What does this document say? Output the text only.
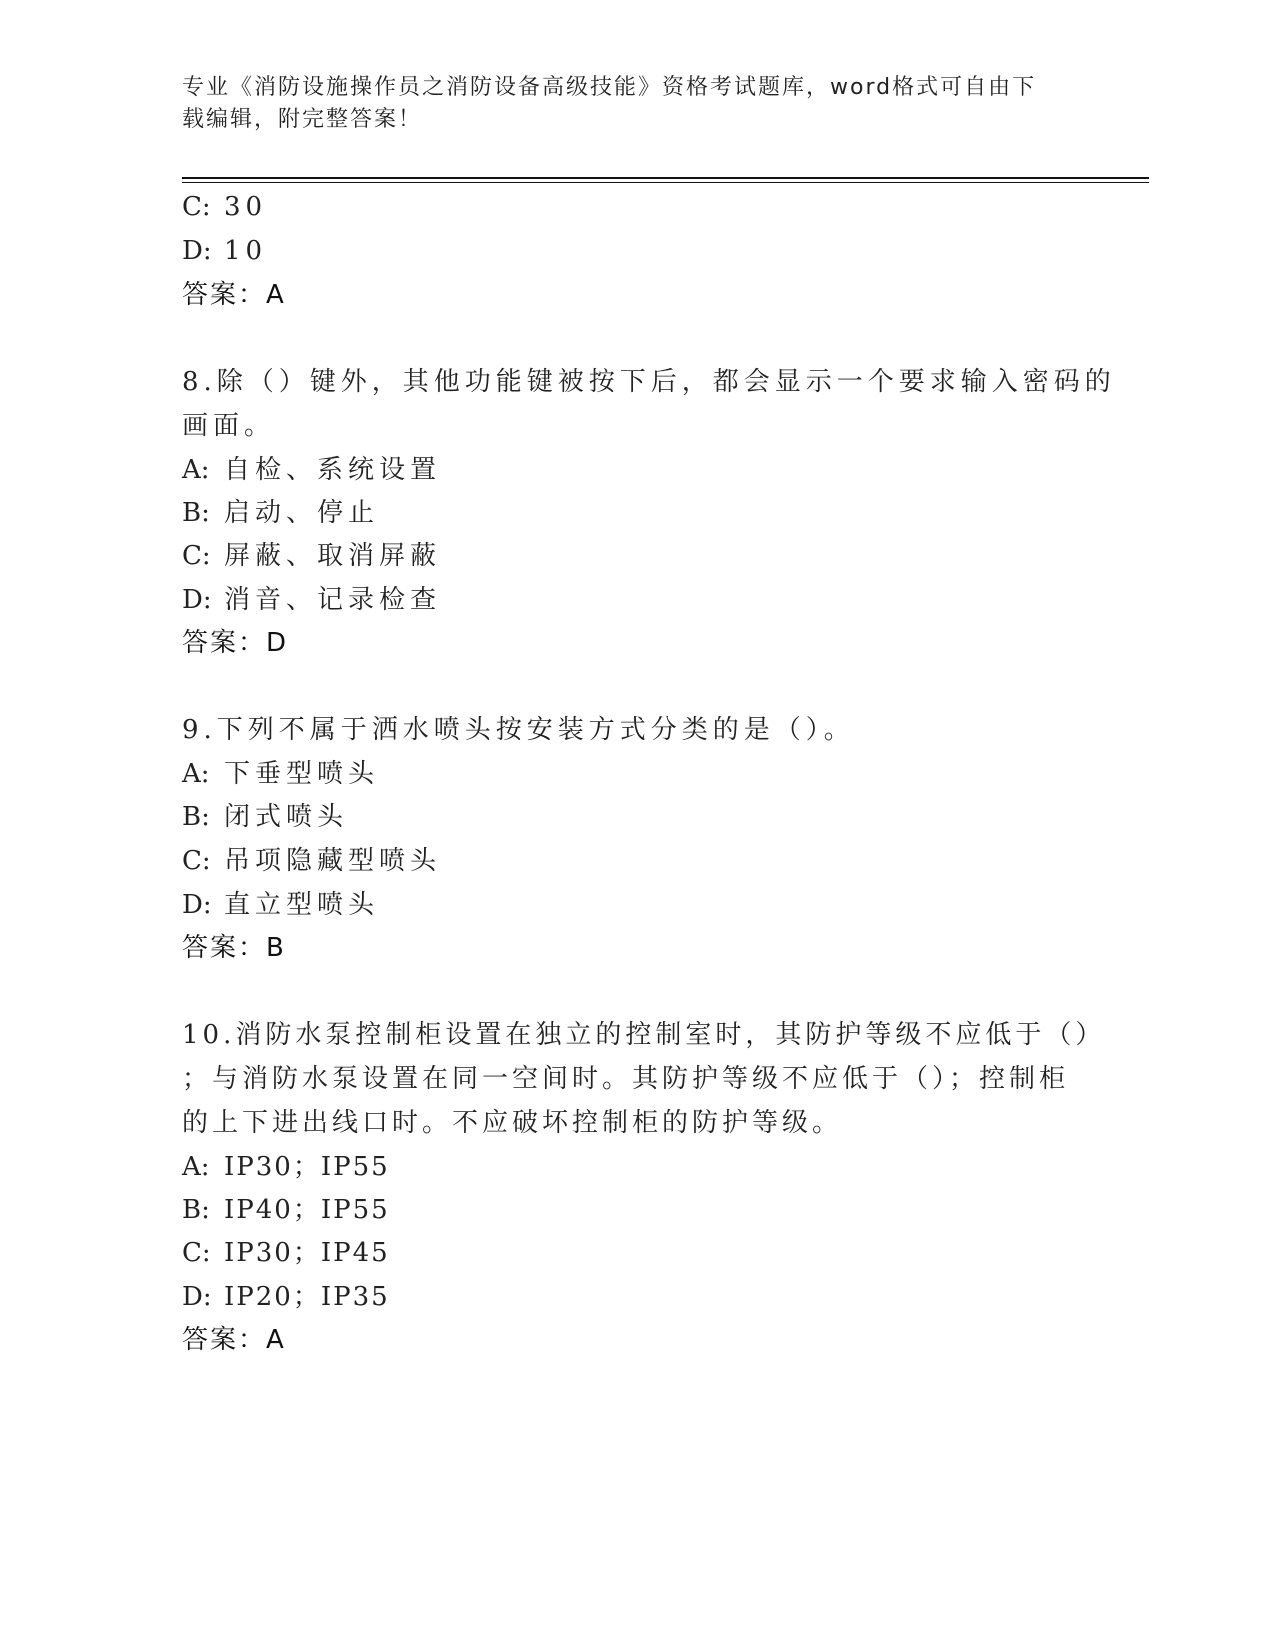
专业《消防设施操作员之消防设备高级技能》资格考试题库，word格式可自由下
载编辑，附完整答案！
C: 30
D: 10
答案：A
8.除（）键外，其他功能键被按下后，都会显示一个要求输入密码的
画面。
A: 自检、系统设置
B: 启动、停止
C: 屏蔽、取消屏蔽
D: 消音、记录检查
答案：D
9.下列不属于洒水喷头按安装方式分类的是（）。
A: 下垂型喷头
B: 闭式喷头
C: 吊项隐藏型喷头
D: 直立型喷头
答案：B
10.消防水泵控制柜设置在独立的控制室时，其防护等级不应低于（）
；与消防水泵设置在同一空间时。其防护等级不应低于（）；控制柜
的上下进出线口时。不应破坏控制柜的防护等级。
A: IP30；IP55
B: IP40；IP55
C: IP30；IP45
D: IP20；IP35
答案：A
